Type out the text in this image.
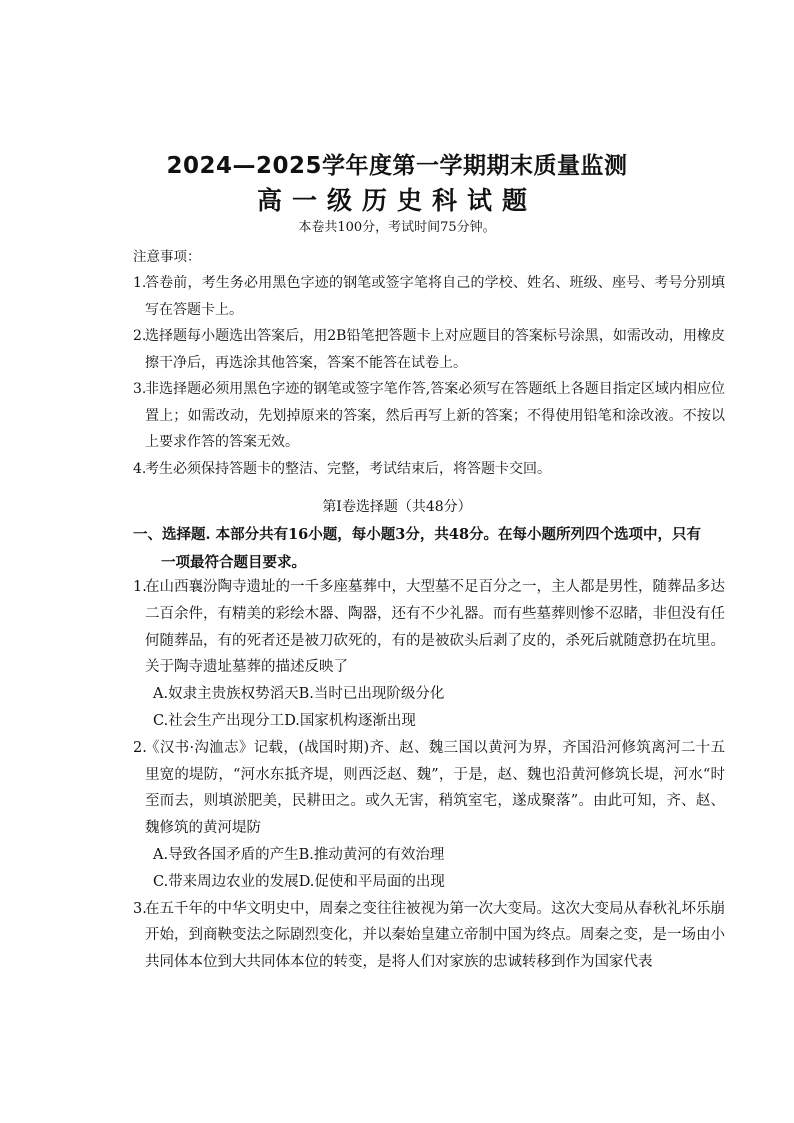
2024—2025学年度第一学期期末质量监测
高一级历史科试题
本卷共100分，考试时间75分钟。
注意事项：
1.
答卷前，考生务必用黑色字迹的钢笔或签字笔将自己的学校、姓名、班级、座号、考号分别填写在答题卡上。
2.
选择题每小题选出答案后，用2B铅笔把答题卡上对应题目的答案标号涂黑，如需改动，用橡皮擦干净后，再选涂其他答案，答案不能答在试卷上。
3.
非选择题必须用黑色字迹的钢笔或签字笔作答,答案必须写在答题纸上各题目指定区域内相应位置上；如需改动，先划掉原来的答案，然后再写上新的答案；不得使用铅笔和涂改液。不按以上要求作答的答案无效。
4.
考生必须保持答题卡的整洁、完整，考试结束后，将答题卡交回。
第Ⅰ卷选择题（共48分）
一、选择题. 本部分共有16小题，每小题3分，共48分。在每小题所列四个选项中，只有
一项最符合题目要求。
1.
在山西襄汾陶寺遗址的一千多座墓葬中，大型墓不足百分之一，主人都是男性，随葬品多达二百余件，有精美的彩绘木器、陶器，还有不少礼器。而有些墓葬则惨不忍睹，非但没有任何随葬品，有的死者还是被刀砍死的，有的是被砍头后剥了皮的，杀死后就随意扔在坑里。关于陶寺遗址墓葬的描述反映了
A.奴隶主贵族权势滔天B.当时已出现阶级分化
C.社会生产出现分工D.国家机构逐渐出现
2.
《汉书·沟洫志》记载，(战国时期)齐、赵、魏三国以黄河为界，齐国沿河修筑离河二十五里宽的堤防，“河水东抵齐堤，则西泛赵、魏”，于是，赵、魏也沿黄河修筑长堤，河水“时至而去，则填淤肥美，民耕田之。或久无害，稍筑室宅，遂成聚落”。由此可知，齐、赵、魏修筑的黄河堤防
A.导致各国矛盾的产生B.推动黄河的有效治理
C.带来周边农业的发展D.促使和平局面的出现
3.
在五千年的中华文明史中，周秦之变往往被视为第一次大变局。这次大变局从春秋礼坏乐崩开始，到商鞅变法之际剧烈变化，并以秦始皇建立帝制中国为终点。周秦之变，是一场由小共同体本位到大共同体本位的转变，是将人们对家族的忠诚转移到作为国家代表
